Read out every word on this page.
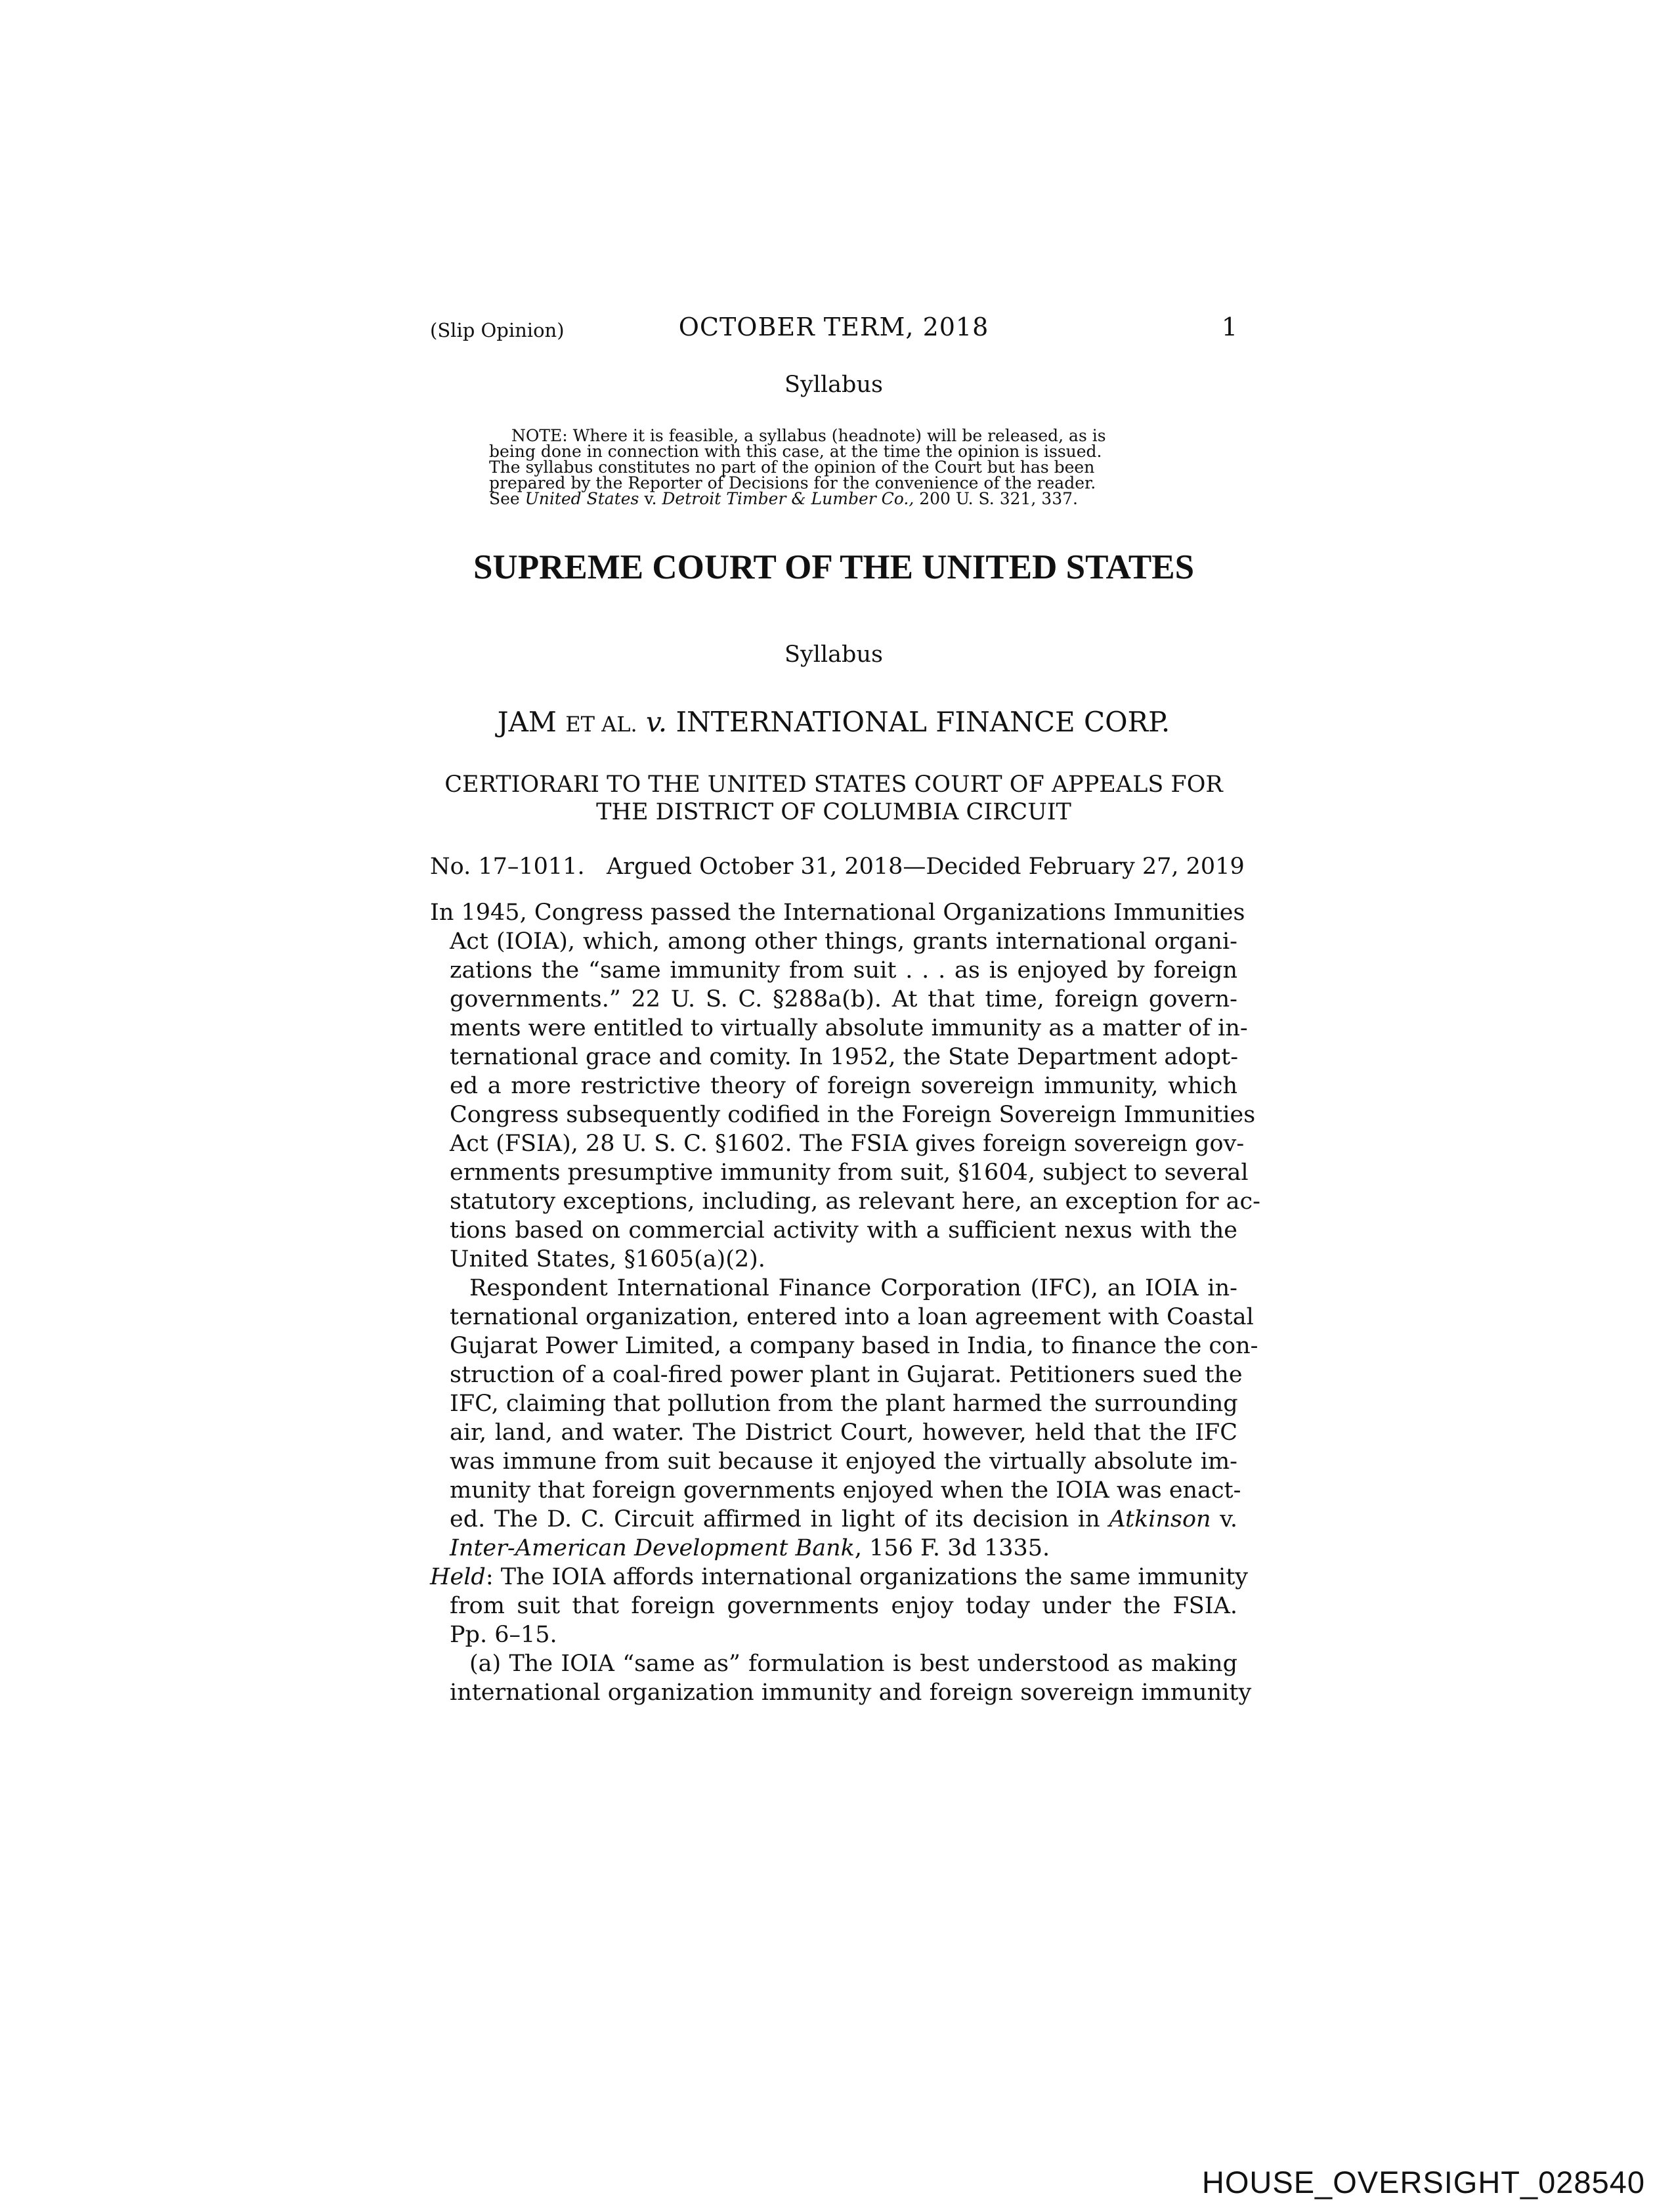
(Slip Opinion)	OCTOBER TERM, 2018	1
Syllabus
NOTE: Where it is feasible, a syllabus (headnote) will be released, as is
being done in connection with this case, at the time the opinion is issued.
The syllabus constitutes no part of the opinion of the Court but has been
prepared by the Reporter of Decisions for the convenience of the reader.
See United States v. Detroit Timber & Lumber Co., 200 U. S. 321, 337.
SUPREME COURT OF THE UNITED STATES
Syllabus
JAM ET AL. v. INTERNATIONAL FINANCE CORP.
CERTIORARI TO THE UNITED STATES COURT OF APPEALS FOR
THE DISTRICT OF COLUMBIA CIRCUIT
No. 17–1011.   Argued October 31, 2018—Decided February 27, 2019
In 1945, Congress passed the International Organizations Immunities
Act (IOIA), which, among other things, grants international organi-
zations the “same immunity from suit . . . as is enjoyed by foreign
governments.” 22 U. S. C. §288a(b). At that time, foreign govern-
ments were entitled to virtually absolute immunity as a matter of in-
ternational grace and comity. In 1952, the State Department adopt-
ed a more restrictive theory of foreign sovereign immunity, which
Congress subsequently codified in the Foreign Sovereign Immunities
Act (FSIA), 28 U. S. C. §1602. The FSIA gives foreign sovereign gov-
ernments presumptive immunity from suit, §1604, subject to several
statutory exceptions, including, as relevant here, an exception for ac-
tions based on commercial activity with a sufficient nexus with the
United States, §1605(a)(2).
Respondent International Finance Corporation (IFC), an IOIA in-
ternational organization, entered into a loan agreement with Coastal
Gujarat Power Limited, a company based in India, to finance the con-
struction of a coal-fired power plant in Gujarat. Petitioners sued the
IFC, claiming that pollution from the plant harmed the surrounding
air, land, and water. The District Court, however, held that the IFC
was immune from suit because it enjoyed the virtually absolute im-
munity that foreign governments enjoyed when the IOIA was enact-
ed. The D. C. Circuit affirmed in light of its decision in Atkinson v.
Inter-American Development Bank, 156 F. 3d 1335.
Held: The IOIA affords international organizations the same immunity
from suit that foreign governments enjoy today under the FSIA.
Pp. 6–15.
(a) The IOIA “same as” formulation is best understood as making
international organization immunity and foreign sovereign immunity
HOUSE_OVERSIGHT_028540
